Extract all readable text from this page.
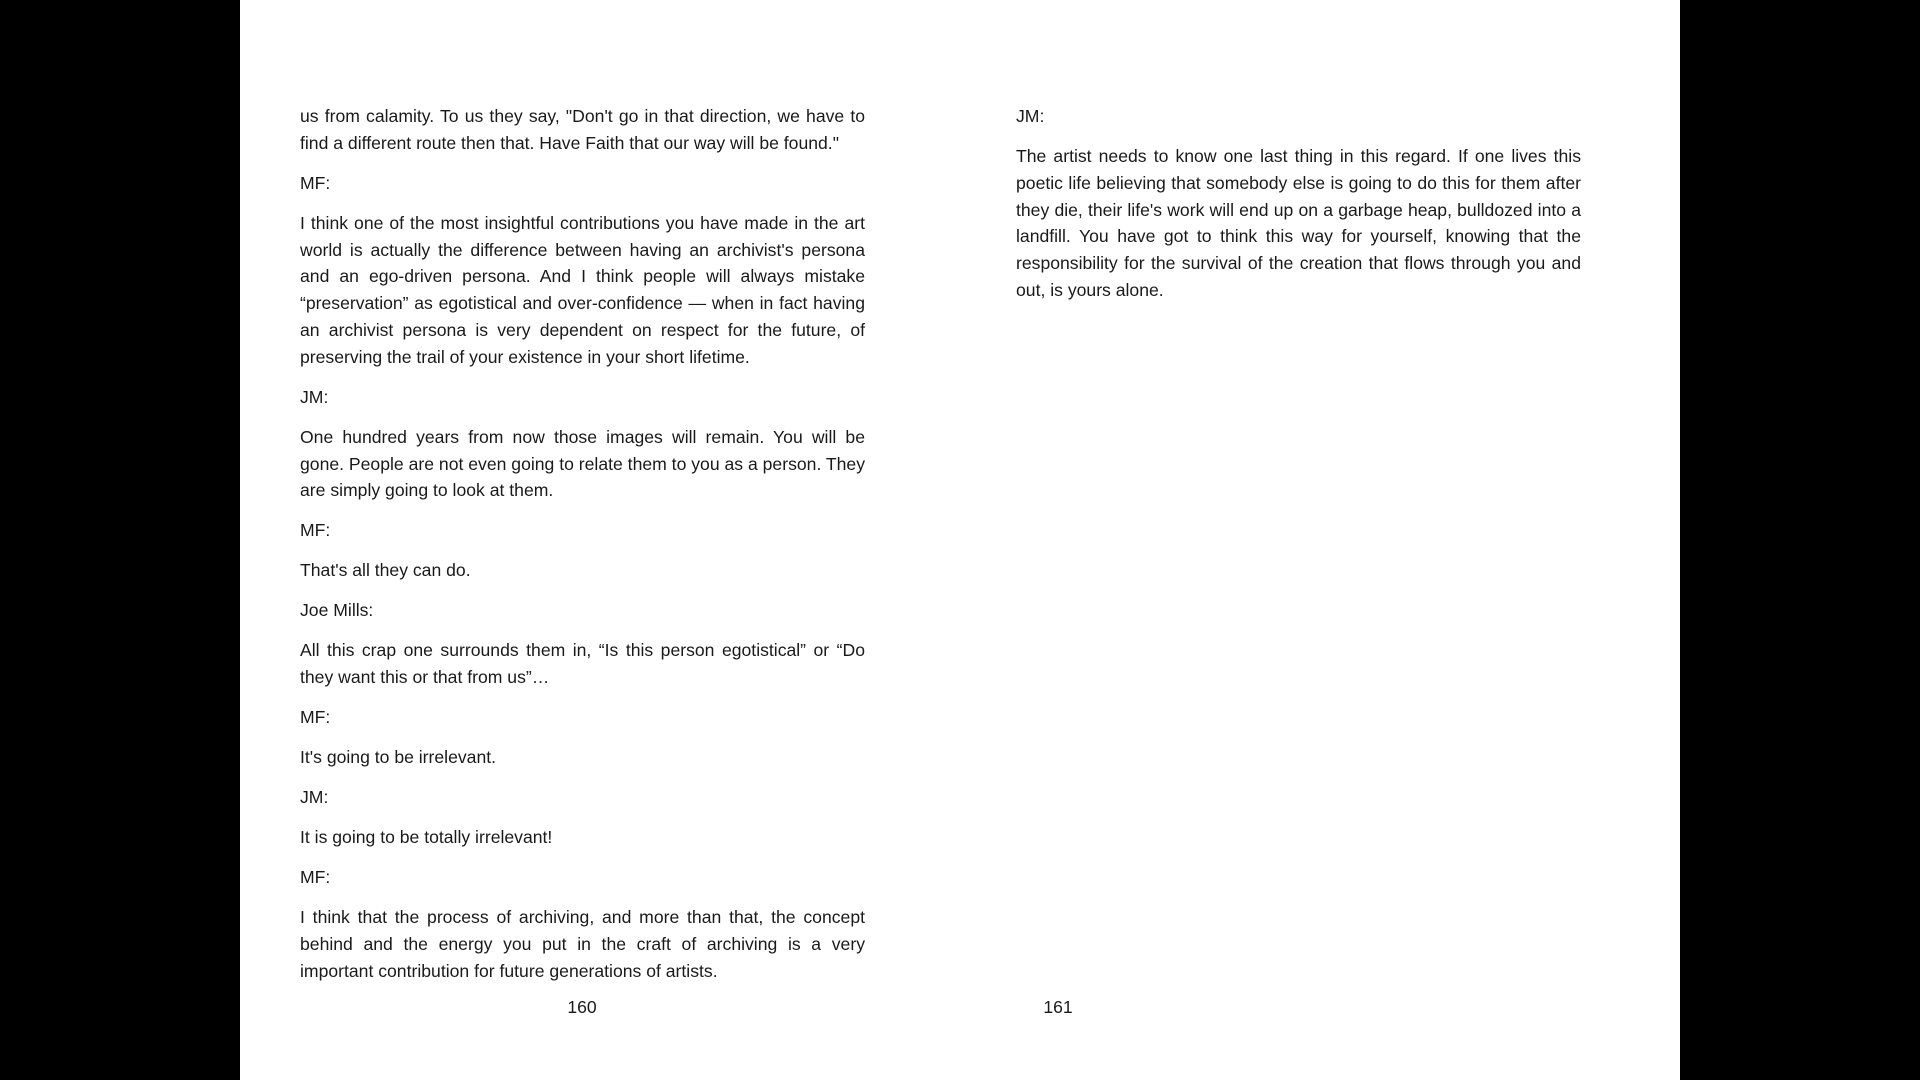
us from calamity. To us they say, "Don't go in that direction, we have to find a different route then that. Have Faith that our way will be found."

MF:

I think one of the most insightful contributions you have made in the art world is actually the difference between having an archivist's persona and an ego-driven persona. And I think people will always mistake “preservation” as egotistical and over-confidence — when in fact having an archivist persona is very dependent on respect for the future, of preserving the trail of your existence in your short lifetime.

JM:

One hundred years from now those images will remain. You will be gone. People are not even going to relate them to you as a person. They are simply going to look at them.

MF:

That's all they can do.

Joe Mills:

All this crap one surrounds them in, “Is this person egotistical” or “Do they want this or that from us”…

MF:

It's going to be irrelevant.

JM:

It is going to be totally irrelevant!

MF:

I think that the process of archiving, and more than that, the concept behind and the energy you put in the craft of archiving is a very important contribution for future generations of artists.

160

JM:

The artist needs to know one last thing in this regard. If one lives this poetic life believing that somebody else is going to do this for them after they die, their life's work will end up on a garbage heap, bulldozed into a landfill. You have got to think this way for yourself, knowing that the responsibility for the survival of the creation that flows through you and out, is yours alone.

161
